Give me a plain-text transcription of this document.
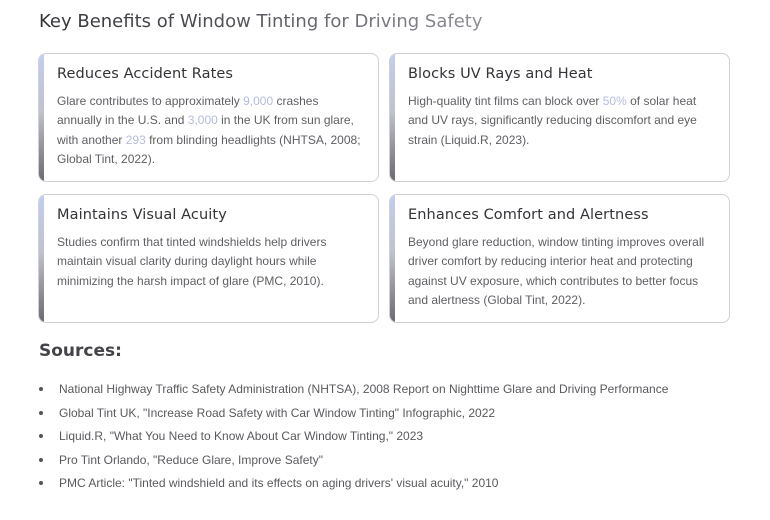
Key Benefits of Window Tinting for Driving Safety
Reduces Accident Rates
Glare contributes to approximately 9,000 crashes annually in the U.S. and 3,000 in the UK from sun glare, with another 293 from blinding headlights (NHTSA, 2008; Global Tint, 2022).
Blocks UV Rays and Heat
High-quality tint films can block over 50% of solar heat and UV rays, significantly reducing discomfort and eye strain (Liquid.R, 2023).
Maintains Visual Acuity
Studies confirm that tinted windshields help drivers maintain visual clarity during daylight hours while minimizing the harsh impact of glare (PMC, 2010).
Enhances Comfort and Alertness
Beyond glare reduction, window tinting improves overall driver comfort by reducing interior heat and protecting against UV exposure, which contributes to better focus and alertness (Global Tint, 2022).
Sources:
National Highway Traffic Safety Administration (NHTSA), 2008 Report on Nighttime Glare and Driving Performance
Global Tint UK, "Increase Road Safety with Car Window Tinting" Infographic, 2022
Liquid.R, "What You Need to Know About Car Window Tinting," 2023
Pro Tint Orlando, "Reduce Glare, Improve Safety"
PMC Article: "Tinted windshield and its effects on aging drivers' visual acuity," 2010
